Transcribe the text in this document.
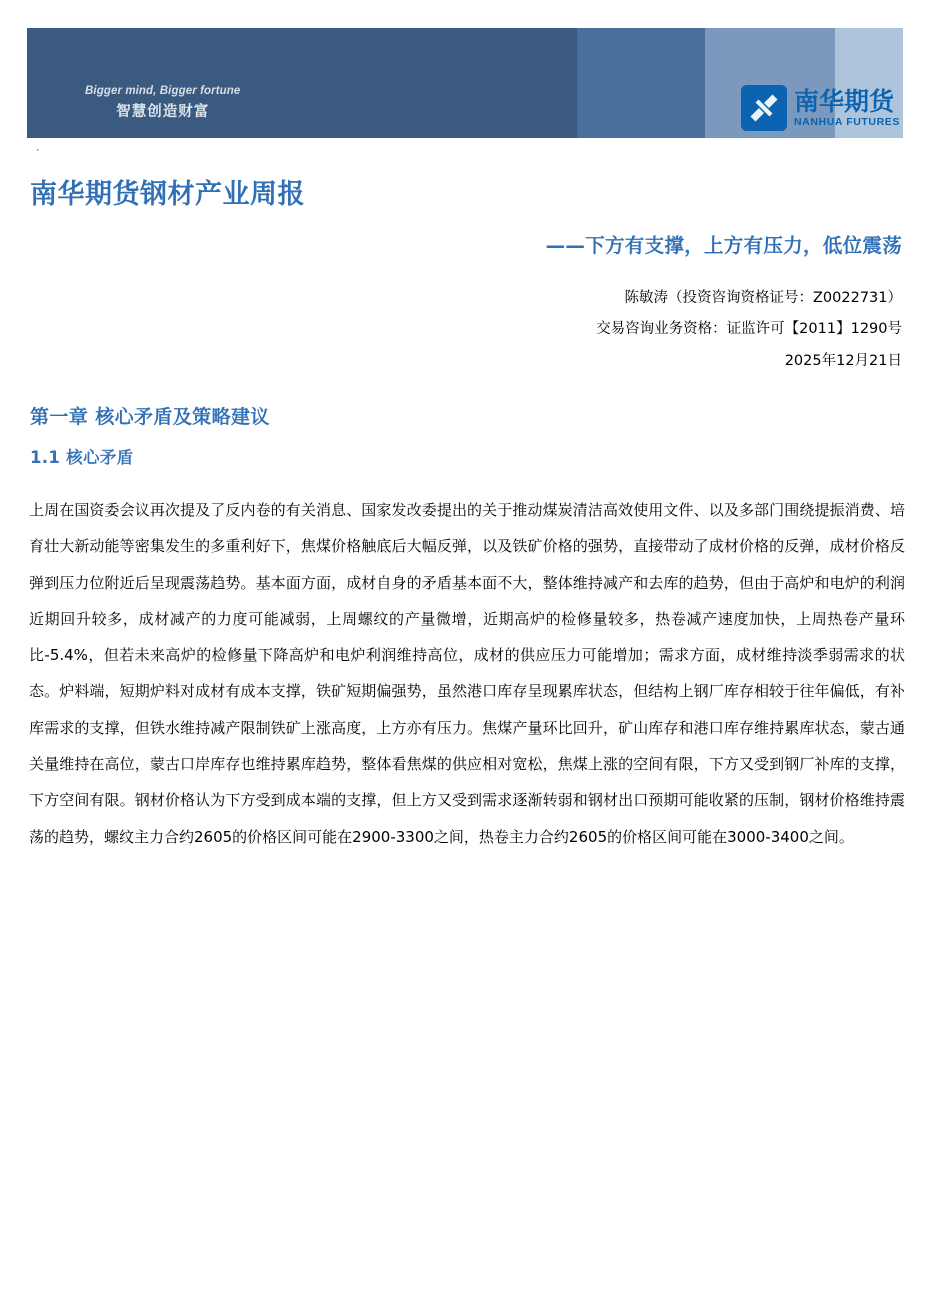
Bigger mind, Bigger fortune
智慧创造财富	南华期货
NANHUA FUTURES
·
南华期货钢材产业周报
——下方有支撑，上方有压力，低位震荡
陈敏涛（投资咨询资格证号：Z0022731）
交易咨询业务资格：证监许可【2011】1290号
2025年12月21日
第一章 核心矛盾及策略建议
1.1 核心矛盾
上周在国资委会议再次提及了反内卷的有关消息、国家发改委提出的关于推动煤炭清洁高效使用文件、以及多部门围绕提振消费、培育壮大新动能等密集发生的多重利好下，焦煤价格触底后大幅反弹，以及铁矿价格的强势，直接带动了成材价格的反弹，成材价格反弹到压力位附近后呈现震荡趋势。基本面方面，成材自身的矛盾基本面不大，整体维持减产和去库的趋势，但由于高炉和电炉的利润近期回升较多，成材减产的力度可能减弱，上周螺纹的产量微增，近期高炉的检修量较多，热卷减产速度加快，上周热卷产量环比-5.4%，但若未来高炉的检修量下降高炉和电炉利润维持高位，成材的供应压力可能增加；需求方面，成材维持淡季弱需求的状态。炉料端，短期炉料对成材有成本支撑，铁矿短期偏强势，虽然港口库存呈现累库状态，但结构上钢厂库存相较于往年偏低，有补库需求的支撑，但铁水维持减产限制铁矿上涨高度，上方亦有压力。焦煤产量环比回升，矿山库存和港口库存维持累库状态，蒙古通关量维持在高位，蒙古口岸库存也维持累库趋势，整体看焦煤的供应相对宽松，焦煤上涨的空间有限，下方又受到钢厂补库的支撑，下方空间有限。钢材价格认为下方受到成本端的支撑，但上方又受到需求逐渐转弱和钢材出口预期可能收紧的压制，钢材价格维持震荡的趋势，螺纹主力合约2605的价格区间可能在2900-3300之间，热卷主力合约2605的价格区间可能在3000-3400之间。
